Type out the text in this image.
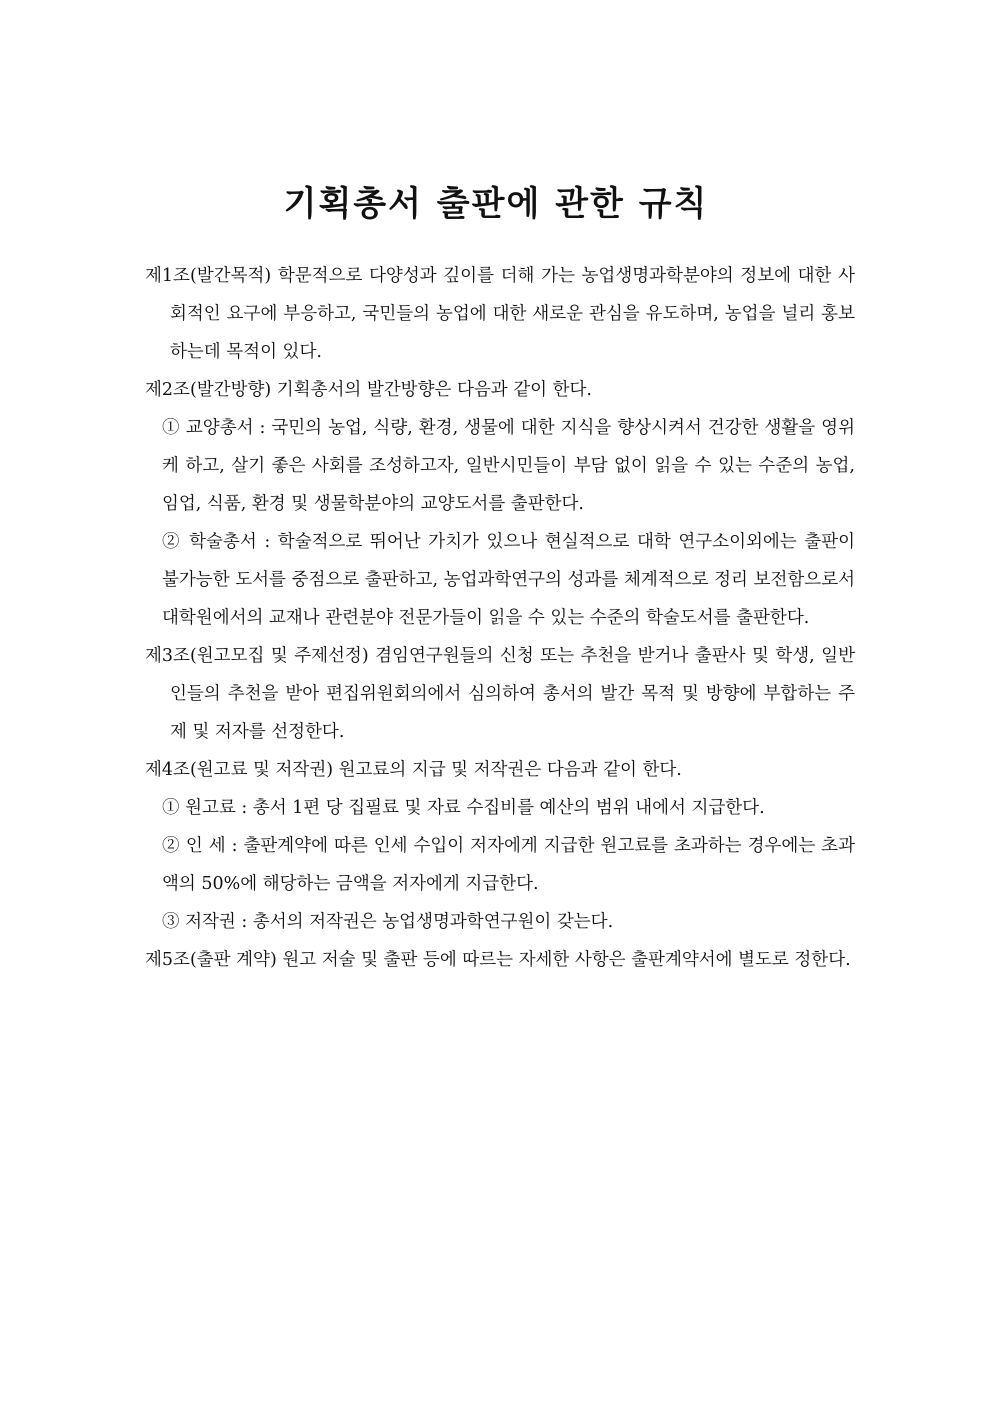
기획총서 출판에 관한 규칙

제1조(발간목적) 학문적으로 다양성과 깊이를 더해 가는 농업생명과학분야의 정보에 대한 사회적인 요구에 부응하고, 국민들의 농업에 대한 새로운 관심을 유도하며, 농업을 널리 홍보하는데 목적이 있다.

제2조(발간방향) 기획총서의 발간방향은 다음과 같이 한다.

① 교양총서 : 국민의 농업, 식량, 환경, 생물에 대한 지식을 향상시켜서 건강한 생활을 영위케 하고, 살기 좋은 사회를 조성하고자, 일반시민들이 부담 없이 읽을 수 있는 수준의 농업, 임업, 식품, 환경 및 생물학분야의 교양도서를 출판한다.

② 학술총서 : 학술적으로 뛰어난 가치가 있으나 현실적으로 대학 연구소이외에는 출판이 불가능한 도서를 중점으로 출판하고, 농업과학연구의 성과를 체계적으로 정리 보전함으로서 대학원에서의 교재나 관련분야 전문가들이 읽을 수 있는 수준의 학술도서를 출판한다.

제3조(원고모집 및 주제선정) 겸임연구원들의 신청 또는 추천을 받거나 출판사 및 학생, 일반인들의 추천을 받아 편집위원회의에서 심의하여 총서의 발간 목적 및 방향에 부합하는 주제 및 저자를 선정한다.

제4조(원고료 및 저작권) 원고료의 지급 및 저작권은 다음과 같이 한다.

① 원고료 : 총서 1편 당 집필료 및 자료 수집비를 예산의 범위 내에서 지급한다.

② 인 세 : 출판계약에 따른 인세 수입이 저자에게 지급한 원고료를 초과하는 경우에는 초과액의 50%에 해당하는 금액을 저자에게 지급한다.

③ 저작권 : 총서의 저작권은 농업생명과학연구원이 갖는다.

제5조(출판 계약) 원고 저술 및 출판 등에 따르는 자세한 사항은 출판계약서에 별도로 정한다.
